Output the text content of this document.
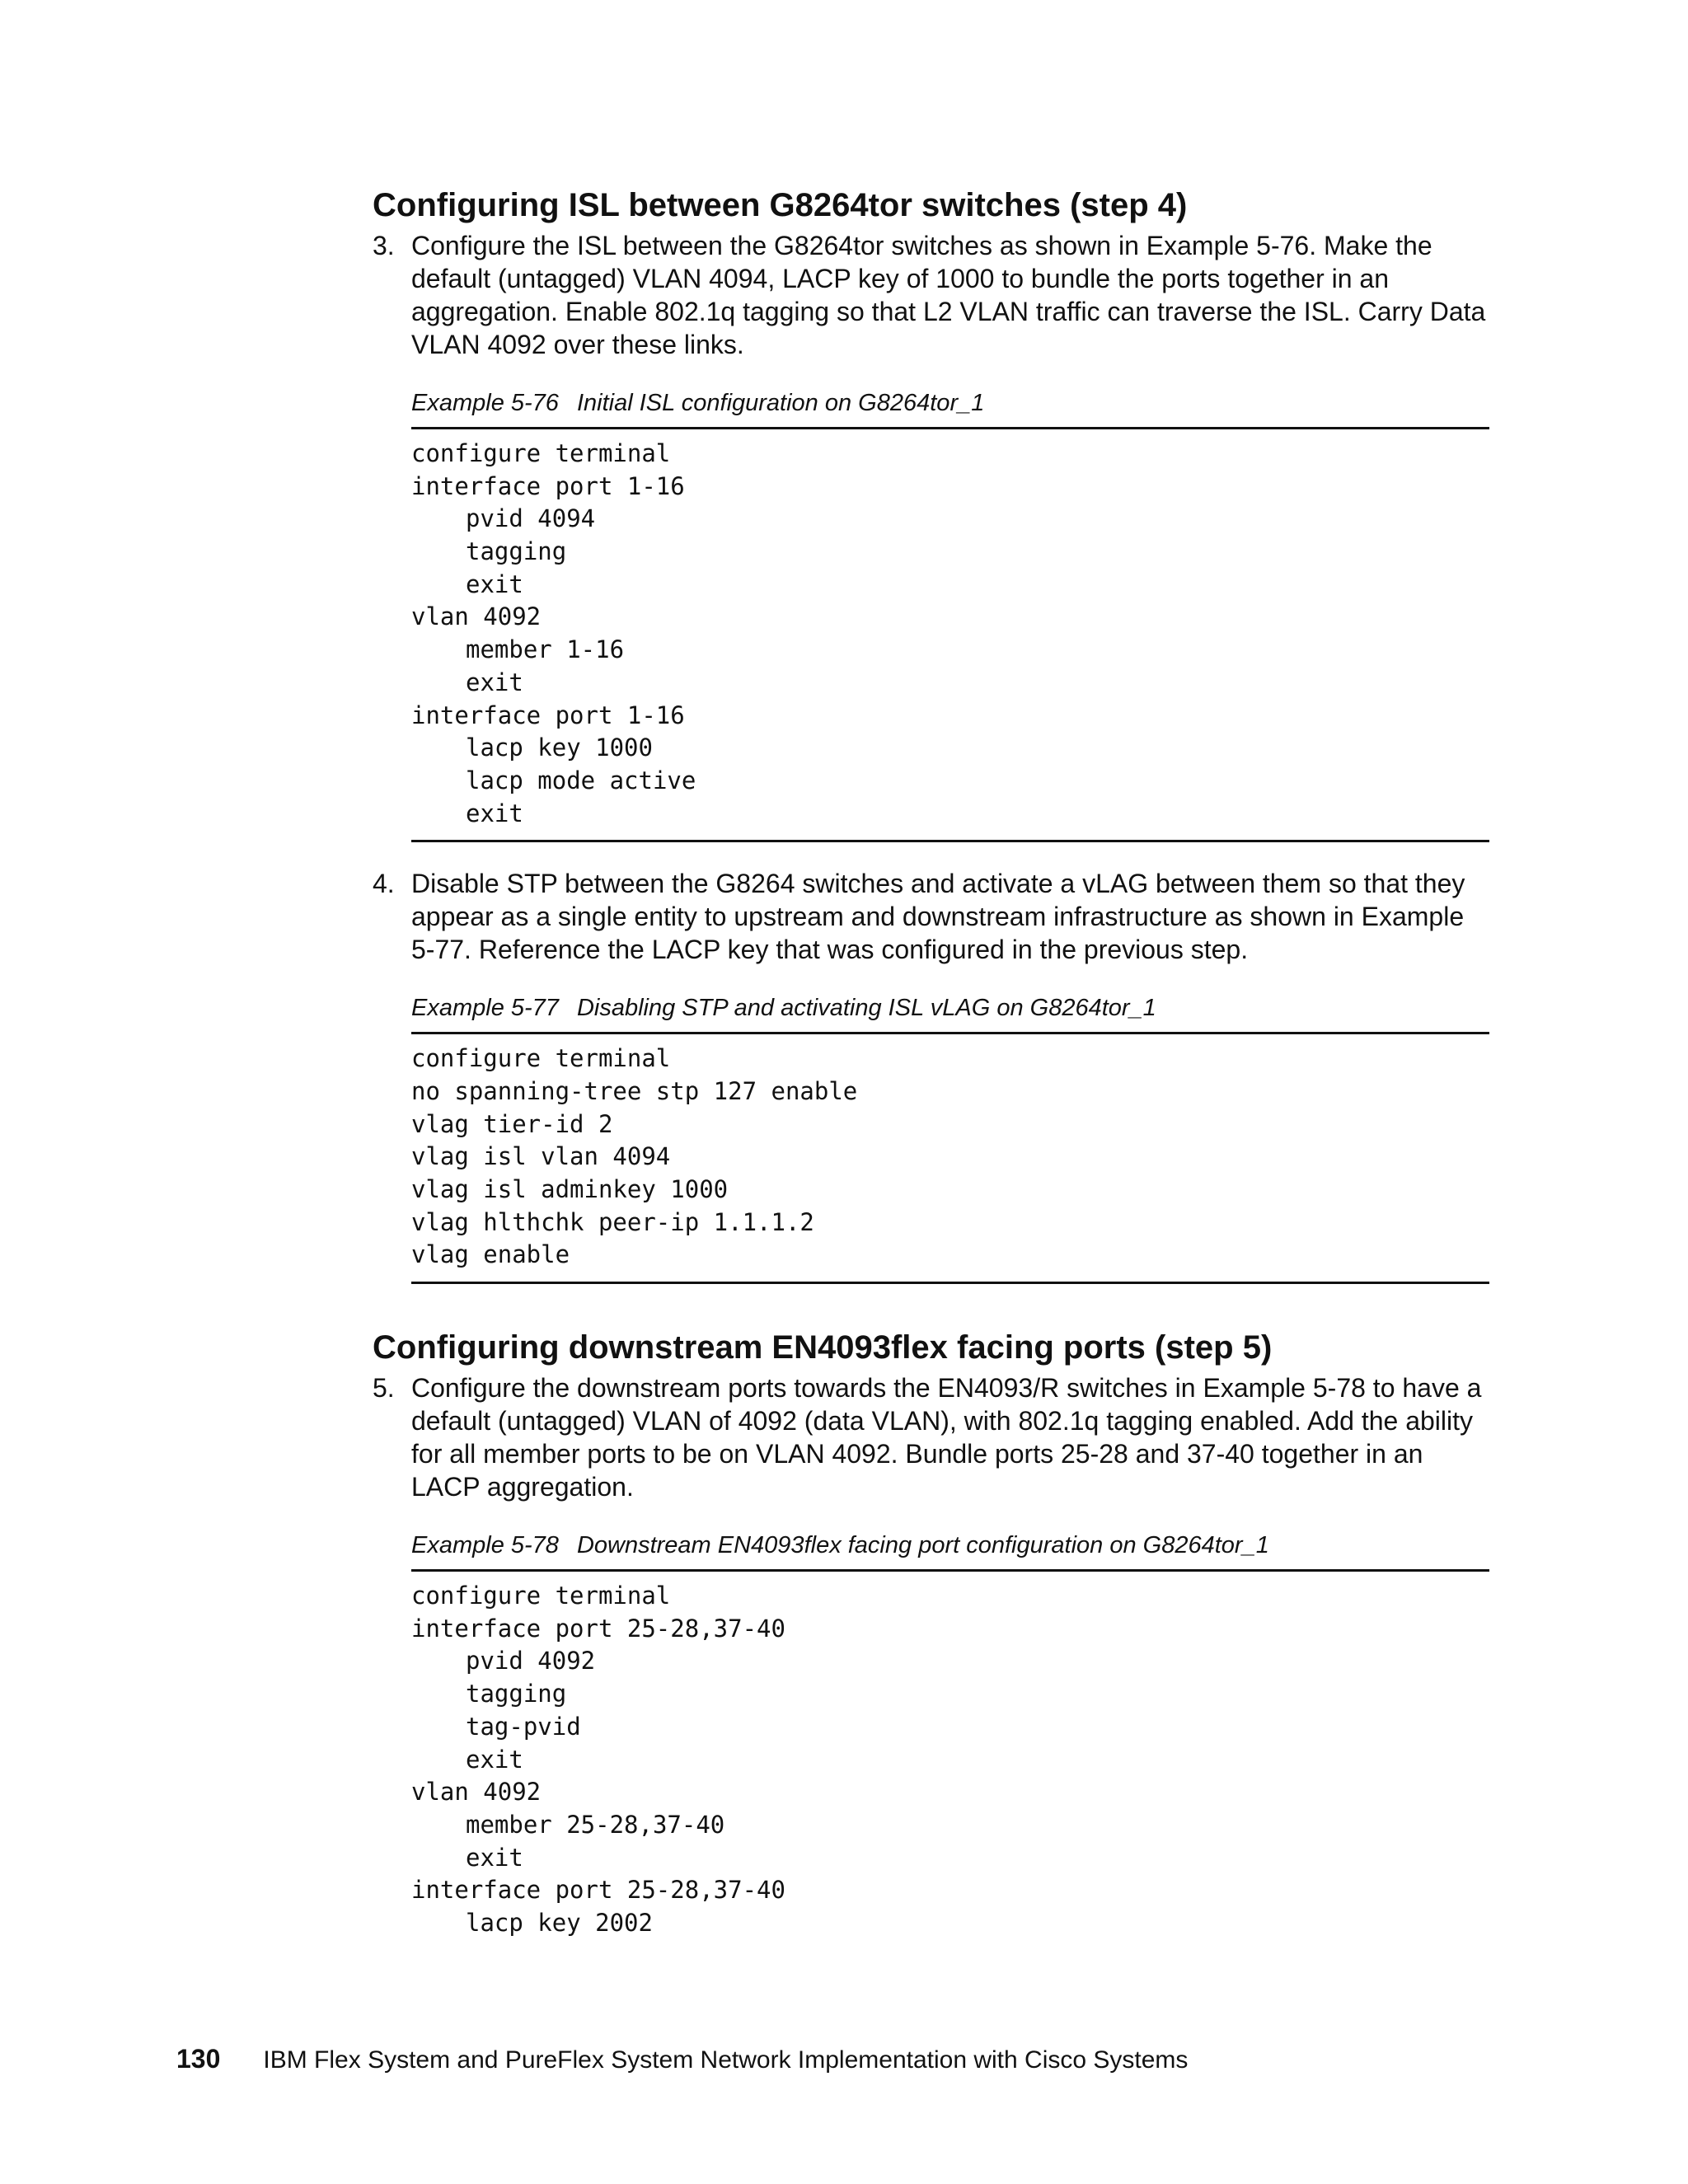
Configuring ISL between G8264tor switches (step 4)
3. Configure the ISL between the G8264tor switches as shown in Example 5-76. Make the default (untagged) VLAN 4094, LACP key of 1000 to bundle the ports together in an aggregation. Enable 802.1q tagging so that L2 VLAN traffic can traverse the ISL. Carry Data VLAN 4092 over these links.
Example 5-76 Initial ISL configuration on G8264tor_1
configure terminal
interface port 1-16
pvid 4094
tagging
exit
vlan 4092
member 1-16
exit
interface port 1-16
lacp key 1000
lacp mode active
exit
4. Disable STP between the G8264 switches and activate a vLAG between them so that they appear as a single entity to upstream and downstream infrastructure as shown in Example 5-77. Reference the LACP key that was configured in the previous step.
Example 5-77 Disabling STP and activating ISL vLAG on G8264tor_1
configure terminal
no spanning-tree stp 127 enable
vlag tier-id 2
vlag isl vlan 4094
vlag isl adminkey 1000
vlag hlthchk peer-ip 1.1.1.2
vlag enable
Configuring downstream EN4093flex facing ports (step 5)
5. Configure the downstream ports towards the EN4093/R switches in Example 5-78 to have a default (untagged) VLAN of 4092 (data VLAN), with 802.1q tagging enabled. Add the ability for all member ports to be on VLAN 4092. Bundle ports 25-28 and 37-40 together in an LACP aggregation.
Example 5-78 Downstream EN4093flex facing port configuration on G8264tor_1
configure terminal
interface port 25-28,37-40
pvid 4092
tagging
tag-pvid
exit
vlan 4092
member 25-28,37-40
exit
interface port 25-28,37-40
lacp key 2002
130 IBM Flex System and PureFlex System Network Implementation with Cisco Systems
